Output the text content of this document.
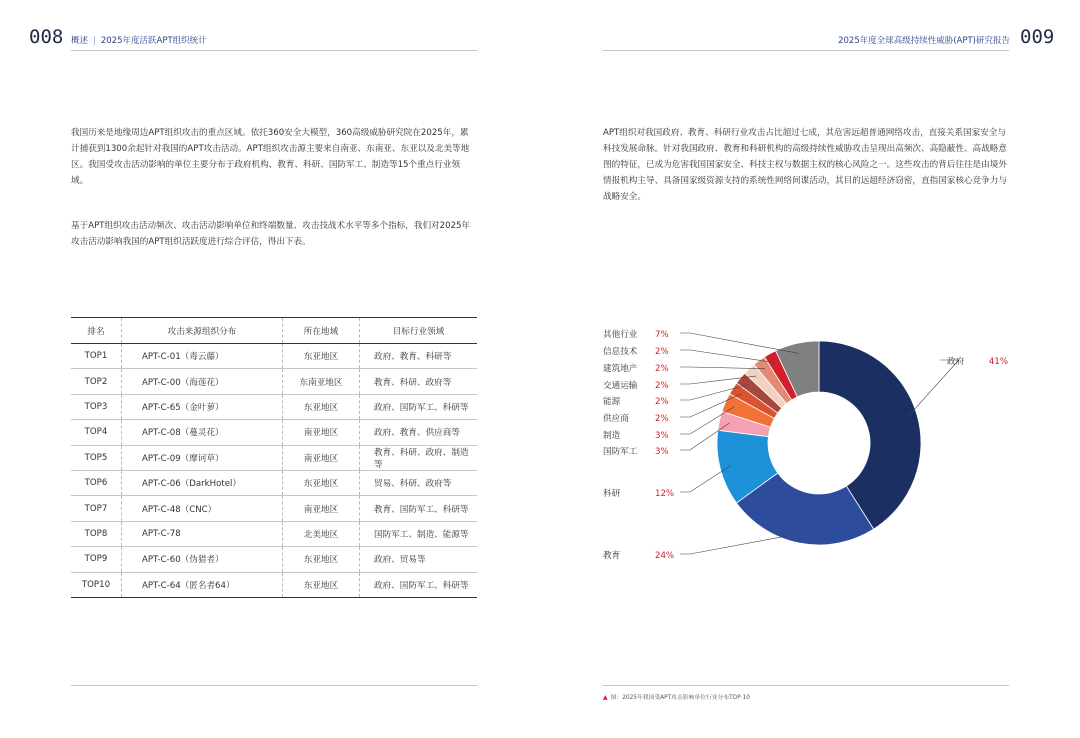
008 概述 | 2025年度活跃APT组织统计	2025年度全球高级持续性威胁(APT)研究报告 009

我国历来是地缘周边APT组织攻击的重点区域。依托360安全大模型，360高级威胁研究院在2025年，累计捕获到1300余起针对我国的APT攻击活动。APT组织攻击源主要来自南亚、东南亚、东亚以及北美等地区。我国受攻击活动影响的单位主要分布于政府机构、教育、科研、国防军工、制造等15个重点行业领域。

基于APT组织攻击活动频次、攻击活动影响单位和终端数量、攻击技战术水平等多个指标，我们对2025年攻击活动影响我国的APT组织活跃度进行综合评估，得出下表。

排名	攻击来源组织分布	所在地域	目标行业领域
TOP1	APT-C-01（毒云藤）	东亚地区	政府、教育、科研等
TOP2	APT-C-00（海莲花）	东南亚地区	教育、科研、政府等
TOP3	APT-C-65（金叶萝）	东亚地区	政府、国防军工、科研等
TOP4	APT-C-08（蔓灵花）	南亚地区	政府、教育、供应商等
TOP5	APT-C-09（摩诃草）	南亚地区	教育、科研、政府、制造等
TOP6	APT-C-06（DarkHotel）	东亚地区	贸易、科研、政府等
TOP7	APT-C-48（CNC）	南亚地区	教育、国防军工、科研等
TOP8	APT-C-78	北美地区	国防军工、制造、能源等
TOP9	APT-C-60（伪猎者）	东亚地区	政府、贸易等
TOP10	APT-C-64（匿名者64）	东亚地区	政府、国防军工、科研等

APT组织对我国政府、教育、科研行业攻击占比超过七成，其危害远超普通网络攻击，直接关系国家安全与科技发展命脉。针对我国政府、教育和科研机构的高级持续性威胁攻击呈现出高频次、高隐蔽性、高战略意图的特征，已成为危害我国国家安全、科技主权与数据主权的核心风险之一。这些攻击的背后往往是由境外情报机构主导、具备国家级资源支持的系统性网络间谍活动，其目的远超经济窃密，直指国家核心竞争力与战略安全。

政府	41%
教育	24%
科研	12%
国防军工 3%
制造	3%
供应商	2%
能源	2%
交通运输 2%
建筑地产 2%
信息技术 2%
其他行业 7%
▲ 图：2025年我国受APT攻击影响单位行业分布TOP 10
